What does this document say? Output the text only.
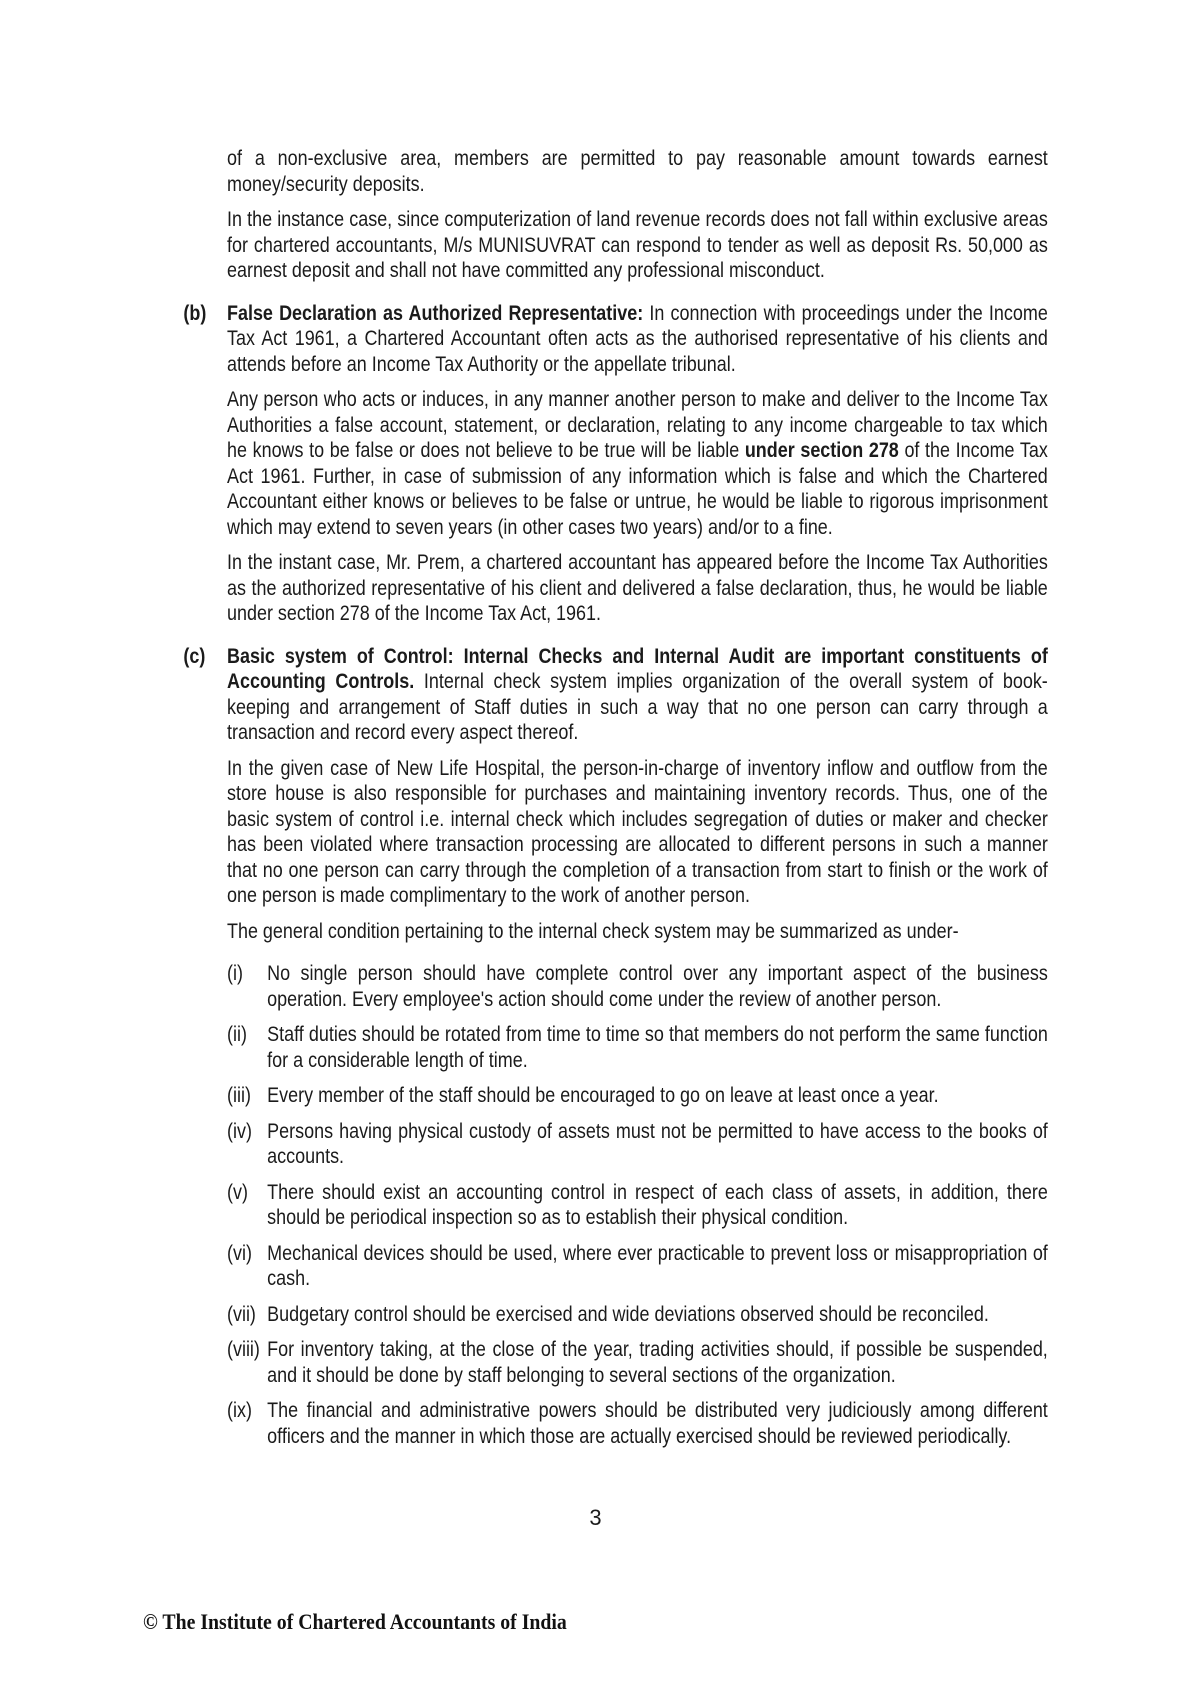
of a non-exclusive area, members are permitted to pay reasonable amount towards earnest money/security deposits.
In the instance case, since computerization of land revenue records does not fall within exclusive areas for chartered accountants, M/s MUNISUVRAT can respond to tender as well as deposit Rs. 50,000 as earnest deposit and shall not have committed any professional misconduct.
(b) False Declaration as Authorized Representative: In connection with proceedings under the Income Tax Act 1961, a Chartered Accountant often acts as the authorised representative of his clients and attends before an Income Tax Authority or the appellate tribunal.
Any person who acts or induces, in any manner another person to make and deliver to the Income Tax Authorities a false account, statement, or declaration, relating to any income chargeable to tax which he knows to be false or does not believe to be true will be liable under section 278 of the Income Tax Act 1961. Further, in case of submission of any information which is false and which the Chartered Accountant either knows or believes to be false or untrue, he would be liable to rigorous imprisonment which may extend to seven years (in other cases two years) and/or to a fine.
In the instant case, Mr. Prem, a chartered accountant has appeared before the Income Tax Authorities as the authorized representative of his client and delivered a false declaration, thus, he would be liable under section 278 of the Income Tax Act, 1961.
(c) Basic system of Control: Internal Checks and Internal Audit are important constituents of Accounting Controls. Internal check system implies organization of the overall system of book-keeping and arrangement of Staff duties in such a way that no one person can carry through a transaction and record every aspect thereof.
In the given case of New Life Hospital, the person-in-charge of inventory inflow and outflow from the store house is also responsible for purchases and maintaining inventory records. Thus, one of the basic system of control i.e. internal check which includes segregation of duties or maker and checker has been violated where transaction processing are allocated to different persons in such a manner that no one person can carry through the completion of a transaction from start to finish or the work of one person is made complimentary to the work of another person.
The general condition pertaining to the internal check system may be summarized as under-
(i) No single person should have complete control over any important aspect of the business operation. Every employee's action should come under the review of another person.
(ii) Staff duties should be rotated from time to time so that members do not perform the same function for a considerable length of time.
(iii) Every member of the staff should be encouraged to go on leave at least once a year.
(iv) Persons having physical custody of assets must not be permitted to have access to the books of accounts.
(v) There should exist an accounting control in respect of each class of assets, in addition, there should be periodical inspection so as to establish their physical condition.
(vi) Mechanical devices should be used, where ever practicable to prevent loss or misappropriation of cash.
(vii) Budgetary control should be exercised and wide deviations observed should be reconciled.
(viii) For inventory taking, at the close of the year, trading activities should, if possible be suspended, and it should be done by staff belonging to several sections of the organization.
(ix) The financial and administrative powers should be distributed very judiciously among different officers and the manner in which those are actually exercised should be reviewed periodically.
3
© The Institute of Chartered Accountants of India
